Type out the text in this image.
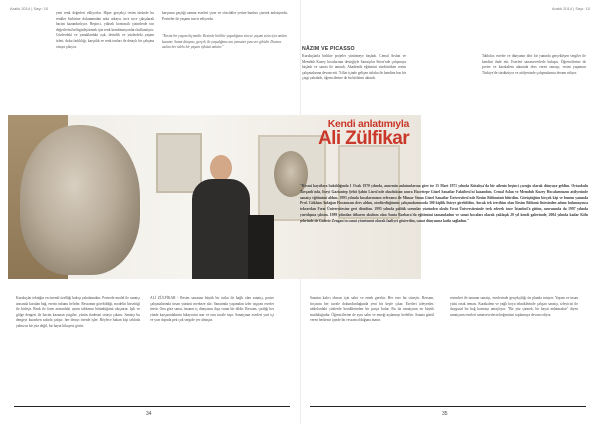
Aralık 2014 | Sayı: 10	Aralık 2014 | Sayı: 10

yeni renk değerleri ekliyorlar. Hiper gerçekçi resim türünde bu renkler birbirine dokunmadan arka arkaya, ince ince çalışılarak hacim kazandırılıyor. Beşinci, yüksek kontrastlı çizimlerde ton değerlerini belirginleştirmek için renk kombinasyonları kullanılıyor. Gözlerdeki ve yanaklardaki ışık, derinlik ve yüzlerdeki yaşam izleri, doku farklılığı, karşıtlık ve renk tonları ile detaylı bir çalışma ortaya çıkıyor.

karşısına geçtiği zaman eserleri çizer ve sözcükler yerine bunları çizerek anlatıyordu. Portreler ile yaşamı tasvir ediyordu.

"Resim bir yaşam biçimidir. Resimle birlikte yaşadığınız sürece yaşam sizin için anlam kazanır. Sanat dünyası, gerçek ile yaşadığınız anı yansıtan pencere gibidir. Duvara asılan her tablo bir yaşam öyküsü anlatır."	NÂZIM VE PICASSO

Kuruluşlarla birlikte projeler yürütmeye başladı. Cemal Arslan ve Memduh Kuzey hocalarının desteğiyle Sanatçılar Sitesi'nde çalışmaya başladı ve sanatı ile tanındı. Akademik eğitimini sürdürürken resim çalışmalarına devam etti. Yıllar içinde gelişen üslubu ile kendine has bir çizgi yakaladı, öğrencilerine de bu birikimi aktardı.

Tablolar, eserler ve dünyanın dört bir yanında gerçekleşen sergiler ile kendini ifade etti. Eserleri sanatseverlerle buluştu. Öğrencilerine de portre ve karakalem alanında ders veren sanatçı, resim yaşamını Türkiye'de sürdürüyor ve atölyesinde çalışmalarına devam ediyor.

Kendi anlatımıyla
Ali Zülfikar

"Resmi kayıtlara bakıldığında 1 Ocak 1970 yılında, annemin anlatımlarına göre ise 15 Mart 1971 yılında Kütahya'da bir ailenin beşinci çocuğu olarak dünyaya geldim. Ortaokulu Tavşanlı'nda, liseyi Gaziantep Şehit Şahin Lisesi'nde okuduktan sonra Hacettepe Güzel Sanatlar Fakültesi'ni kazandım. Cemal Aslan ve Memduh Kuzey Hocalarımızın atölyesinde sanatçı eğitimimi aldım. 1993 yılında hocalarımızın referansı ile Mimar Sinan Güzel Sanatlar Üniversitesi'nde Resim Bölümünü bitirdim. Görüştüğüm birçok kişi ve bunun yanında Prof. Gökhan Anlağan Hocamızın ders aldım, sürdürdüğümüz çalışmalarımızda 300 kişilik listeye girebildim. Ancak tek tercihim olan Resim Bölümü listesinden adımı bulamayınca tekrardan Fırat Üniversitesine geri döndüm. 1995 yılında politik sorunlar yüzünden okulu Fırat Üniversitesinde terk ederek önce İstanbul'a gittim, sonrasında da 1997 yılında yurtdışına çıktım. 1999 yılından itibaren okulum olan Santa Barbara'da eğitimimi tamamladım ve sanat hocaları olarak yaklaşık 20 yıl kendi galerimde, 2004 yılında kadar Köln şehrinde de Galerie Zengan'ın sanat yönetmeni olarak faaliyet gösterdim, sanat dünyasına katkı sağladım."

Kuruluşlar tekniğin en önemli özelliği bakışı yakalamaktır. Portrede model ile sanatçı arasında kurulan bağ, eserin ruhunu belirler. Ressamın görebildiği, modelin hissettiği ile birleşir. Renk ile form arasındaki uyum tablonun bütünlüğünü oluşturur. Işık ve gölge dengesi ile hacim kazanan çizgiler, yüzün ifadesini ortaya çıkarır. Sanatçı bu dengeyi kurarken sabırla çalışır, her detayı özenle işler. Böylece bakan kişi tabloda yalnızca bir yüz değil, bir hayat hikayesi görür.

ALİ ZÜLFİKAR - Resim sanatına büyük bir tutku ile bağlı olan sanatçı, portre çalışmalarında insan yüzünü merkeze alır. Sanatında yaşamdan izler taşıyan eserler üretir. Ona göre sanat, insanın iç dünyasını dışa vuran bir dildir. Ressam, çizdiği her yüzde karşısındakinin hikayesini arar ve onu tuvale taşır. Sanatçının eserleri yurt içi ve yurt dışında pek çok sergide yer almıştır.

Sanatın kalıcı olması için sabır ve emek gerekir. Her eser bir süreçtir. Ressam, fırçasını her tuvale dokundurduğunda yeni bir keşfe çıkar. Eserleri izleyenler, tablolardaki yüzlerde kendilerinden bir parça bulur. Bu da sanatçının en büyük mutluluğudur. Öğrencilerine de aynı sabrı ve emeği aşılamayı hedefler. Sanata gönül veren herkesin içinde bir ressam olduğuna inanır.

resimleri ile tanınan sanatçı, eserlerinde gerçekçiliği ön planda tutuyor. Yaşam ve insan yüzü ortak teması. Karakalem ve yağlı boya tekniklerinde çalışan sanatçı, izleyicisi ile duygusal bir bağ kurmayı amaçlıyor. "Bir yüz çizmek, bir hayat anlatmaktır" diyen sanatçının eserleri sanatseverlerin beğenisini toplamaya devam ediyor.

34	35
